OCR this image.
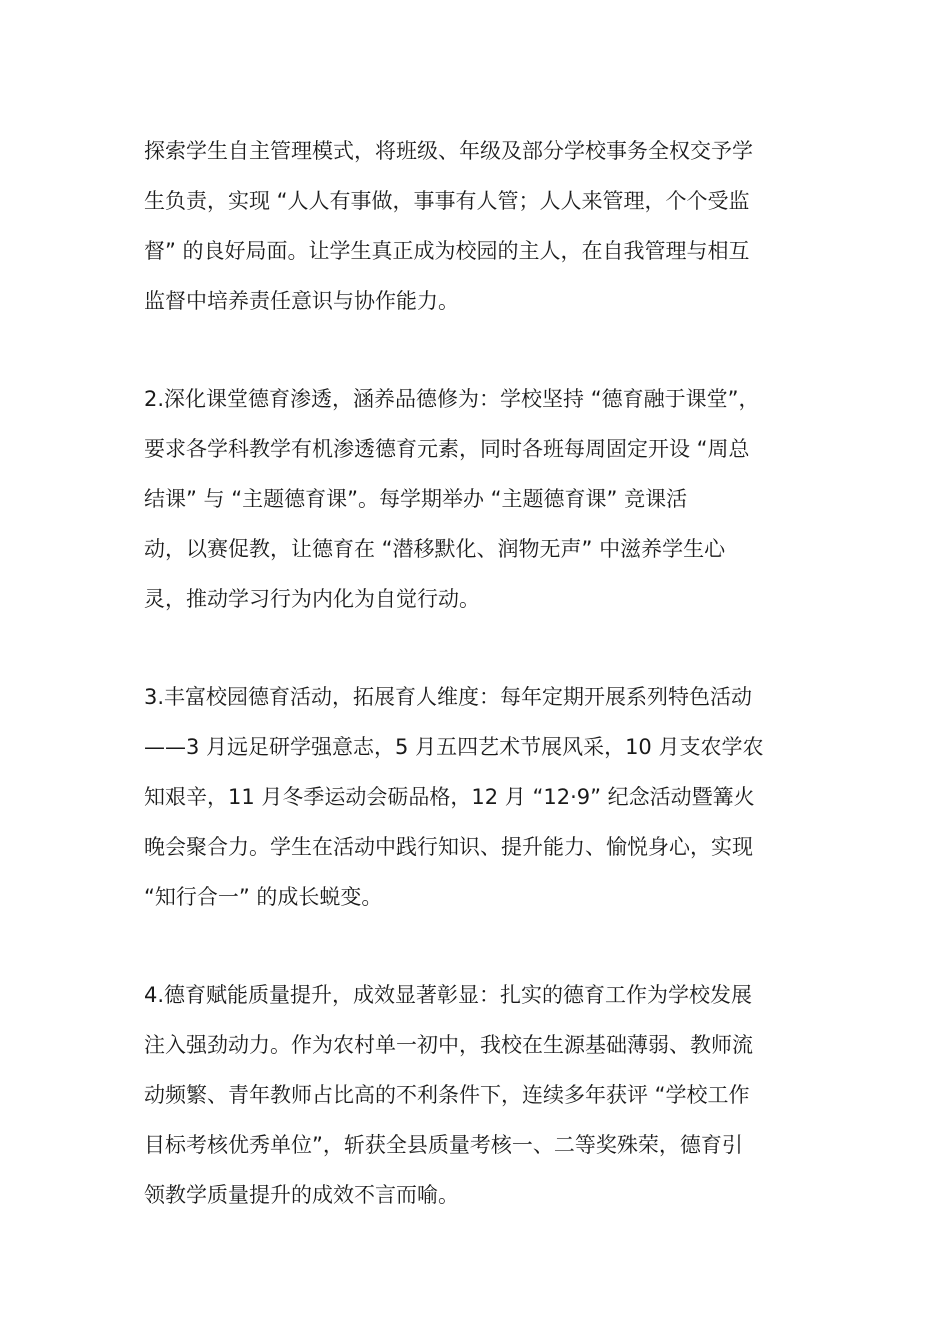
探索学生自主管理模式，将班级、年级及部分学校事务全权交予学
生负责，实现 “人人有事做，事事有人管；人人来管理，个个受监
督” 的良好局面。让学生真正成为校园的主人，在自我管理与相互
监督中培养责任意识与协作能力。

2.深化课堂德育渗透，涵养品德修为：学校坚持 “德育融于课堂”，
要求各学科教学有机渗透德育元素，同时各班每周固定开设 “周总
结课” 与 “主题德育课”。每学期举办 “主题德育课” 竞课活
动，以赛促教，让德育在 “潜移默化、润物无声” 中滋养学生心
灵，推动学习行为内化为自觉行动。

3.丰富校园德育活动，拓展育人维度：每年定期开展系列特色活动
——3 月远足研学强意志，5 月五四艺术节展风采，10 月支农学农
知艰辛，11 月冬季运动会砺品格，12 月 “12·9” 纪念活动暨篝火
晚会聚合力。学生在活动中践行知识、提升能力、愉悦身心，实现
“知行合一” 的成长蜕变。

4.德育赋能质量提升，成效显著彰显：扎实的德育工作为学校发展
注入强劲动力。作为农村单一初中，我校在生源基础薄弱、教师流
动频繁、青年教师占比高的不利条件下，连续多年获评 “学校工作
目标考核优秀单位”，斩获全县质量考核一、二等奖殊荣，德育引
领教学质量提升的成效不言而喻。
